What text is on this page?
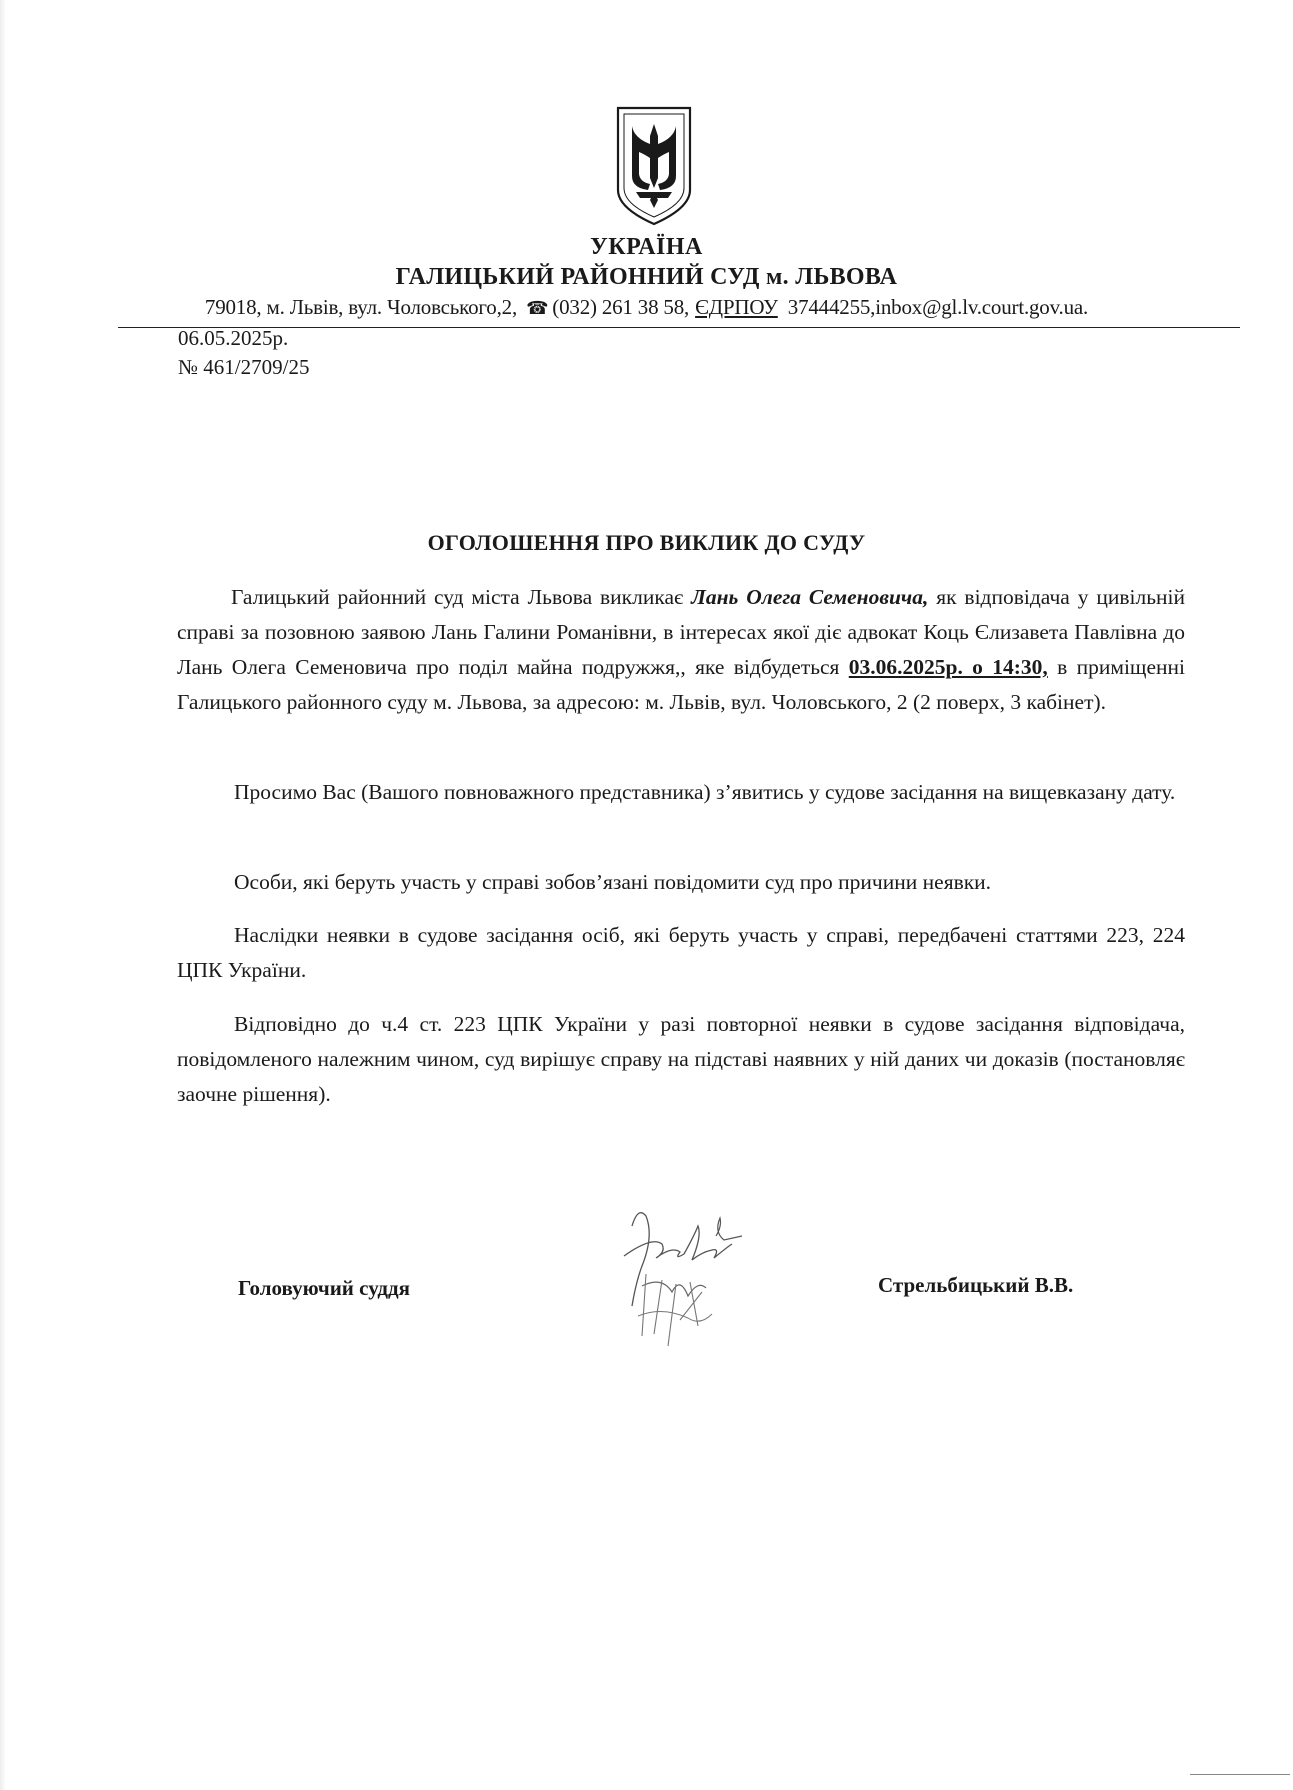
УКРАЇНА
ГАЛИЦЬКИЙ РАЙОННИЙ СУД м. ЛЬВОВА
79018, м. Львів, вул. Чоловського,2, ☎ (032) 261 38 58, ЄДРПОУ 37444255,inbox@gl.lv.court.gov.ua.
06.05.2025р.
№ 461/2709/25
ОГОЛОШЕННЯ ПРО ВИКЛИК ДО СУДУ
Галицький районний суд міста Львова викликає Лань Олега Семеновича, як відповідача у цивільній справі за позовною заявою Лань Галини Романівни, в інтересах якої діє адвокат Коць Єлизавета Павлівна до Лань Олега Семеновича про поділ майна подружжя,, яке відбудеться 03.06.2025р. о 14:30, в приміщенні Галицького районного суду м. Львова, за адресою: м. Львів, вул. Чоловського, 2 (2 поверх, 3 кабінет).
Просимо Вас (Вашого повноважного представника) з’явитись у судове засідання на вищевказану дату.
Особи, які беруть участь у справі зобов’язані повідомити суд про причини неявки.
Наслідки неявки в судове засідання осіб, які беруть участь у справі, передбачені статтями 223, 224 ЦПК України.
Відповідно до ч.4 ст. 223 ЦПК України у разі повторної неявки в судове засідання відповідача, повідомленого належним чином, суд вирішує справу на підставі наявних у ній даних чи доказів (постановляє заочне рішення).
Головуючий суддя	Стрельбицький В.В.
